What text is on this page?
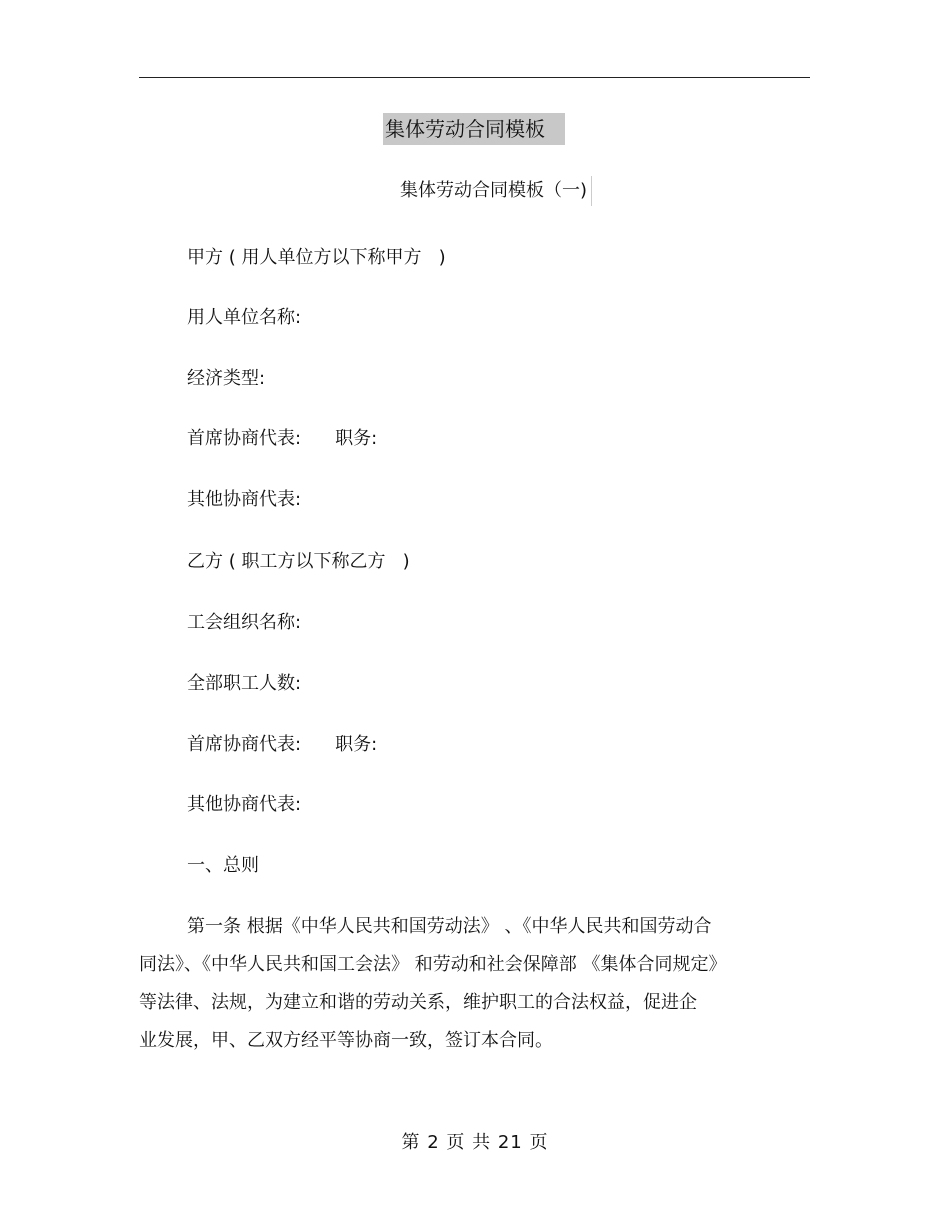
集体劳动合同模板
集体劳动合同模板（一)
甲方 ( 用人单位方以下称甲方   )
用人单位名称:
经济类型:
首席协商代表: 职务:
其他协商代表:
乙方 ( 职工方以下称乙方   )
工会组织名称:
全部职工人数:
首席协商代表: 职务:
其他协商代表:
一、总则
第一条 根据《中华人民共和国劳动法》 、《中华人民共和国劳动合
同法》、《中华人民共和国工会法》 和劳动和社会保障部 《集体合同规定》
等法律、法规，为建立和谐的劳动关系，维护职工的合法权益，促进企
业发展，甲、乙双方经平等协商一致，签订本合同。
第 2 页 共 21 页
